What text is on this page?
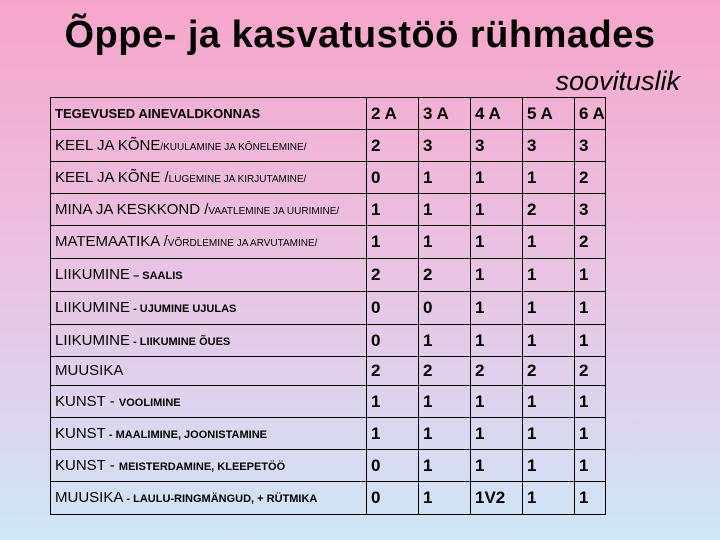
Õppe- ja kasvatustöö rühmades
soovituslik
TEGEVUSED AINEVALDKONNAS	2 A	3 A	4 A	5 A	6 A
KEEL JA KÕNE/KUULAMINE JA KÕNELEMINE/	2	3	3	3	3
KEEL JA KÕNE /LUGEMINE JA KIRJUTAMINE/	0	1	1	1	2
MINA JA KESKKOND /VAATLEMINE JA UURIMINE/	1	1	1	2	3
MATEMAATIKA /VÕRDLEMINE JA ARVUTAMINE/	1	1	1	1	2
LIIKUMINE – SAALIS	2	2	1	1	1
LIIKUMINE - UJUMINE UJULAS	0	0	1	1	1
LIIKUMINE - LIIKUMINE ÕUES	0	1	1	1	1
MUUSIKA	2	2	2	2	2
KUNST - VOOLIMINE	1	1	1	1	1
KUNST - MAALIMINE, JOONISTAMINE	1	1	1	1	1
KUNST - MEISTERDAMINE, KLEEPETÖÖ	0	1	1	1	1
MUUSIKA - LAULU-RINGMÄNGUD, + RÜTMIKA	0	1	1V2	1	1
